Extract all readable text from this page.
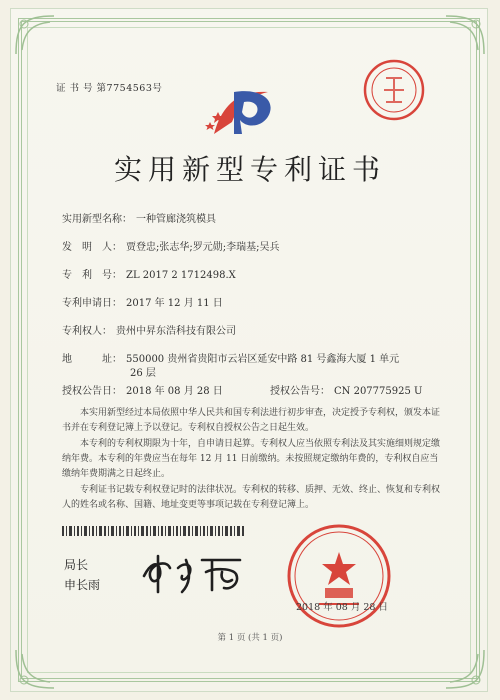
证 书 号 第7754563号
实用新型专利证书
实用新型名称： 一种管廊浇筑模具
发　明　人： 贾登忠;张志华;罗元勋;李瑞基;吴兵
专　利　号： ZL 2017 2 1712498.X
专利申请日： 2017 年 12 月 11 日
专利权人： 贵州中昇东浩科技有限公司
地　　　址： 550000 贵州省贵阳市云岩区延安中路 81 号鑫海大厦 1 单元
26 层
授权公告日： 2018 年 08 月 28 日	授权公告号： CN 207775925 U
本实用新型经过本局依照中华人民共和国专利法进行初步审查，决定授予专利权，颁发本证书并在专利登记簿上予以登记。专利权自授权公告之日起生效。
本专利的专利权期限为十年，自申请日起算。专利权人应当依照专利法及其实施细则规定缴纳年费。本专利的年费应当在每年 12 月 11 日前缴纳。未按照规定缴纳年费的，专利权自应当缴纳年费期满之日起终止。
专利证书记载专利权登记时的法律状况。专利权的转移、质押、无效、终止、恢复和专利权人的姓名或名称、国籍、地址变更等事项记载在专利登记簿上。
局长
申长雨
2018 年 08 月 28 日
第 1 页 (共 1 页)
